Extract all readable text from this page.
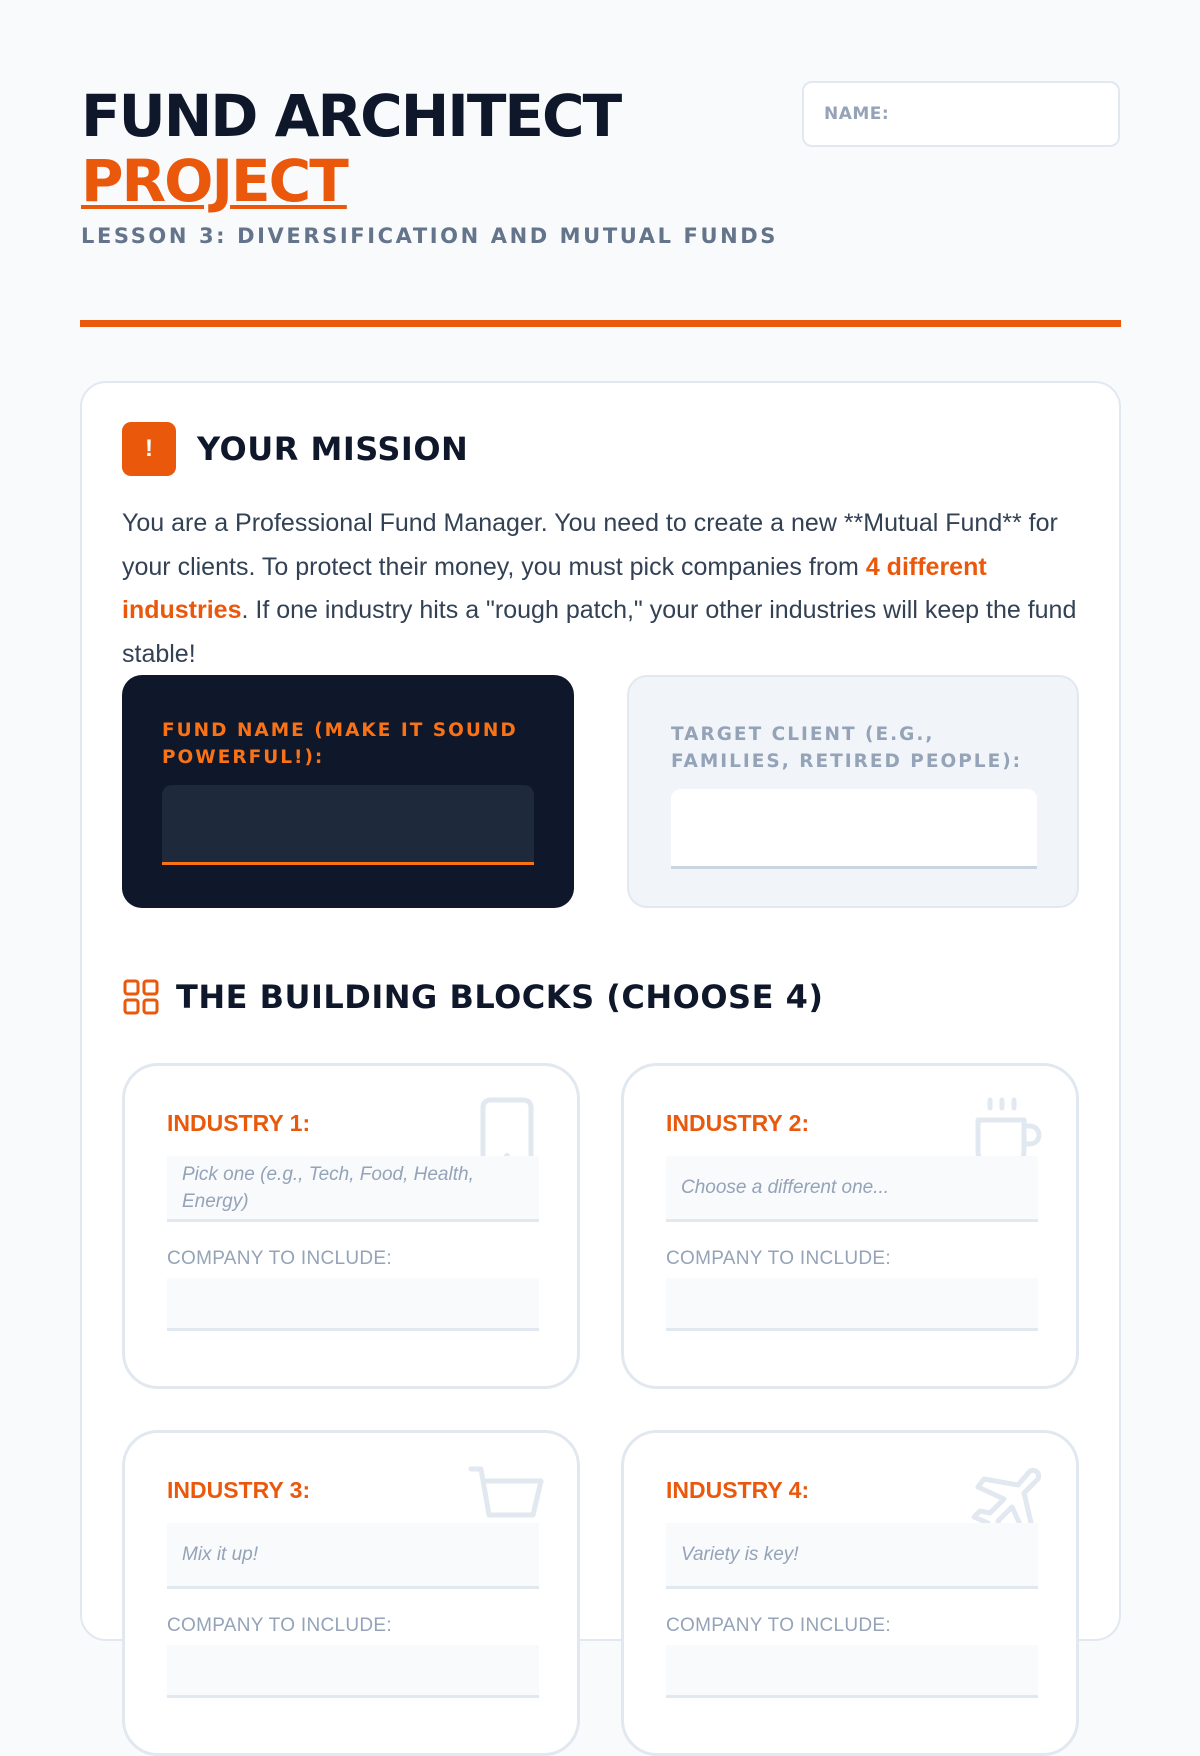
FUND ARCHITECT
PROJECT
LESSON 3: DIVERSIFICATION AND MUTUAL FUNDS
NAME:
!	YOUR MISSION

You are a Professional Fund Manager. You need to create a new **Mutual Fund** for your clients. To protect their money, you must pick companies from 4 different industries. If one industry hits a "rough patch," your other industries will keep the fund stable!

FUND NAME (MAKE IT SOUND POWERFUL!):
TARGET CLIENT (E.G., FAMILIES, RETIRED PEOPLE):
THE BUILDING BLOCKS (CHOOSE 4)
INDUSTRY 1:
Pick one (e.g., Tech, Food, Health, Energy)
COMPANY TO INCLUDE:
INDUSTRY 2:
Choose a different one...
COMPANY TO INCLUDE:
INDUSTRY 3:
Mix it up!
COMPANY TO INCLUDE:
INDUSTRY 4:
Variety is key!
COMPANY TO INCLUDE:
